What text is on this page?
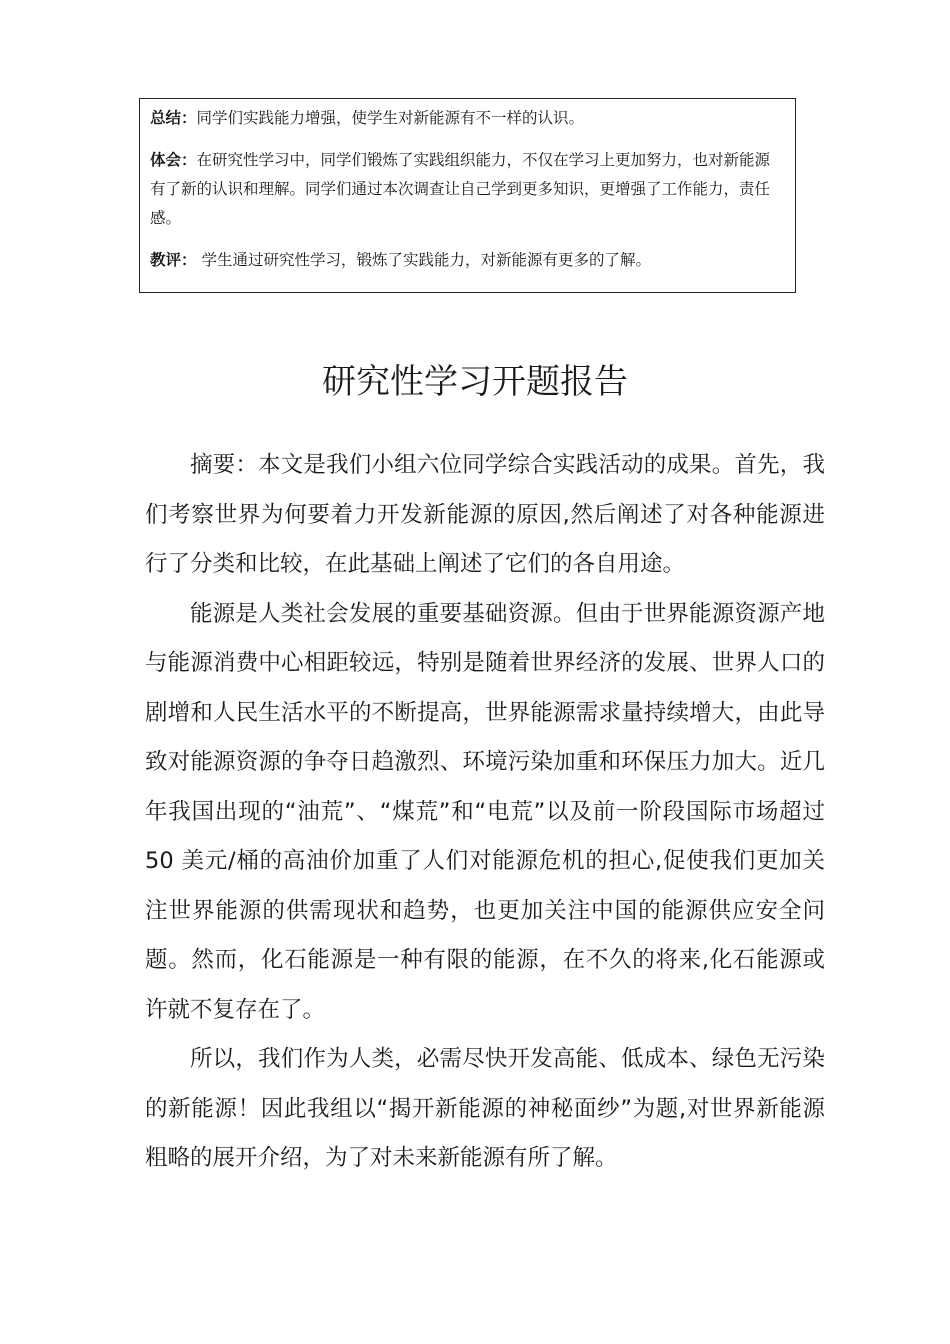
总结：同学们实践能力增强，使学生对新能源有不一样的认识。

体会：在研究性学习中，同学们锻炼了实践组织能力，不仅在学习上更加努力，也对新能源有了新的认识和理解。同学们通过本次调查让自己学到更多知识，更增强了工作能力，责任感。

教评： 学生通过研究性学习，锻炼了实践能力，对新能源有更多的了解。

研究性学习开题报告

摘要：本文是我们小组六位同学综合实践活动的成果。首先，我们考察世界为何要着力开发新能源的原因,然后阐述了对各种能源进行了分类和比较，在此基础上阐述了它们的各自用途。

能源是人类社会发展的重要基础资源。但由于世界能源资源产地与能源消费中心相距较远，特别是随着世界经济的发展、世界人口的剧增和人民生活水平的不断提高，世界能源需求量持续增大，由此导致对能源资源的争夺日趋激烈、环境污染加重和环保压力加大。近几年我国出现的“油荒”、“煤荒”和“电荒”以及前一阶段国际市场超过 50 美元/桶的高油价加重了人们对能源危机的担心,促使我们更加关注世界能源的供需现状和趋势，也更加关注中国的能源供应安全问题。然而，化石能源是一种有限的能源，在不久的将来,化石能源或许就不复存在了。

所以，我们作为人类，必需尽快开发高能、低成本、绿色无污染的新能源！因此我组以“揭开新能源的神秘面纱”为题,对世界新能源粗略的展开介绍，为了对未来新能源有所了解。
